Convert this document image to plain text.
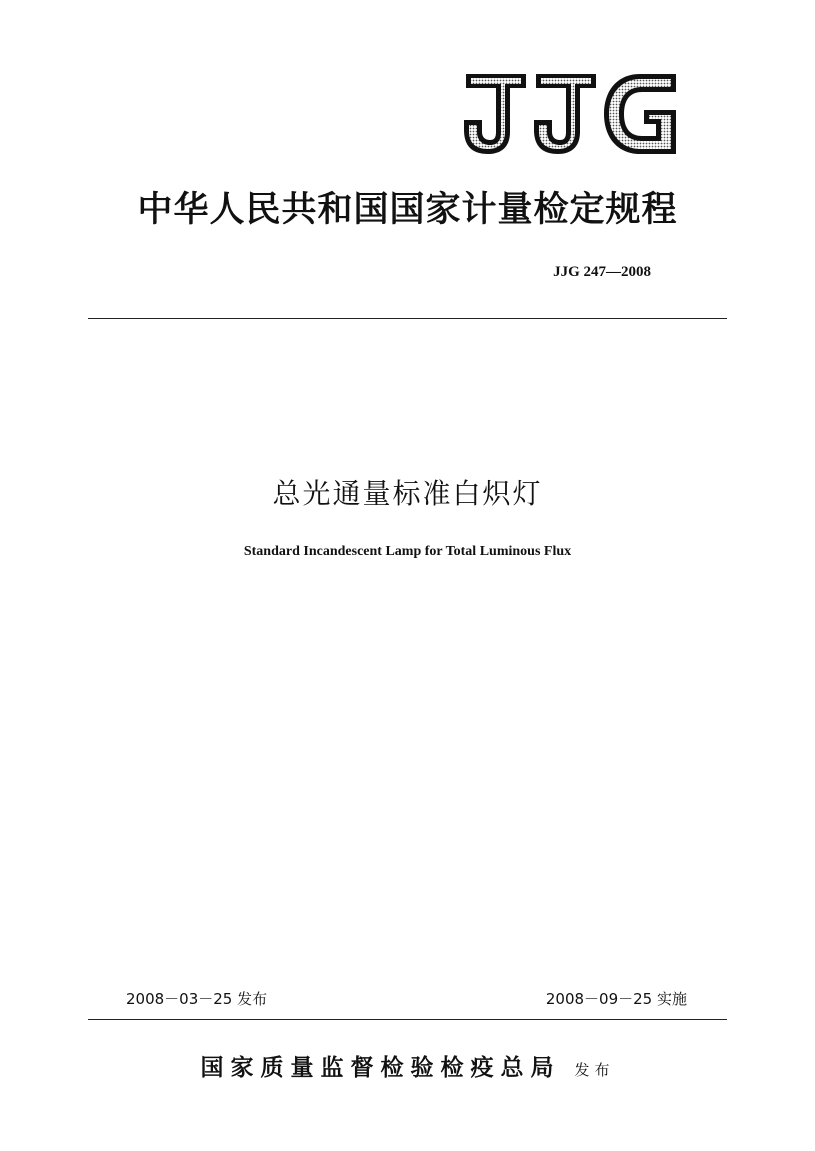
中华人民共和国国家计量检定规程
JJG 247—2008
总光通量标准白炽灯
Standard Incandescent Lamp for Total Luminous Flux
2008－03－25 发布	2008－09－25 实施
国家质量监督检验检疫总局 发布
